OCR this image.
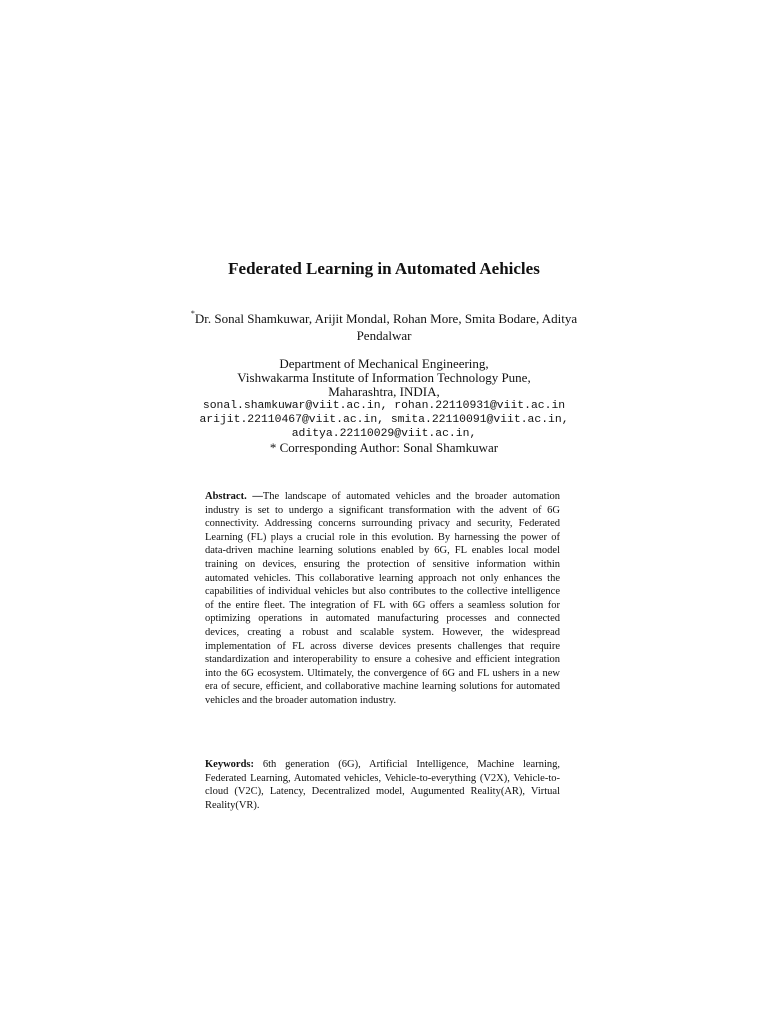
Federated Learning in Automated Aehicles

*Dr. Sonal Shamkuwar, Arijit Mondal, Rohan More, Smita Bodare, Aditya Pendalwar

Department of Mechanical Engineering,
Vishwakarma Institute of Information Technology Pune,
Maharashtra, INDIA,
sonal.shamkuwar@viit.ac.in, rohan.22110931@viit.ac.in
arijit.22110467@viit.ac.in, smita.22110091@viit.ac.in,
aditya.22110029@viit.ac.in,
* Corresponding Author: Sonal Shamkuwar

Abstract. ―The landscape of automated vehicles and the broader automation industry is set to undergo a significant transformation with the advent of 6G connectivity. Addressing concerns surrounding privacy and security, Federated Learning (FL) plays a crucial role in this evolution. By harnessing the power of data-driven machine learning solutions enabled by 6G, FL enables local model training on devices, ensuring the protection of sensitive information within automated vehicles. This collaborative learning approach not only enhances the capabilities of individual vehicles but also contributes to the collective intelligence of the entire fleet. The integration of FL with 6G offers a seamless solution for optimizing operations in automated manufacturing processes and connected devices, creating a robust and scalable system. However, the widespread implementation of FL across diverse devices presents challenges that require standardization and interoperability to ensure a cohesive and efficient integration into the 6G ecosystem. Ultimately, the convergence of 6G and FL ushers in a new era of secure, efficient, and collaborative machine learning solutions for automated vehicles and the broader automation industry.

Keywords: 6th generation (6G), Artificial Intelligence, Machine learning, Federated Learning, Automated vehicles, Vehicle-to-everything (V2X), Vehicle-to-cloud (V2C), Latency, Decentralized model, Augumented Reality(AR), Virtual Reality(VR).
